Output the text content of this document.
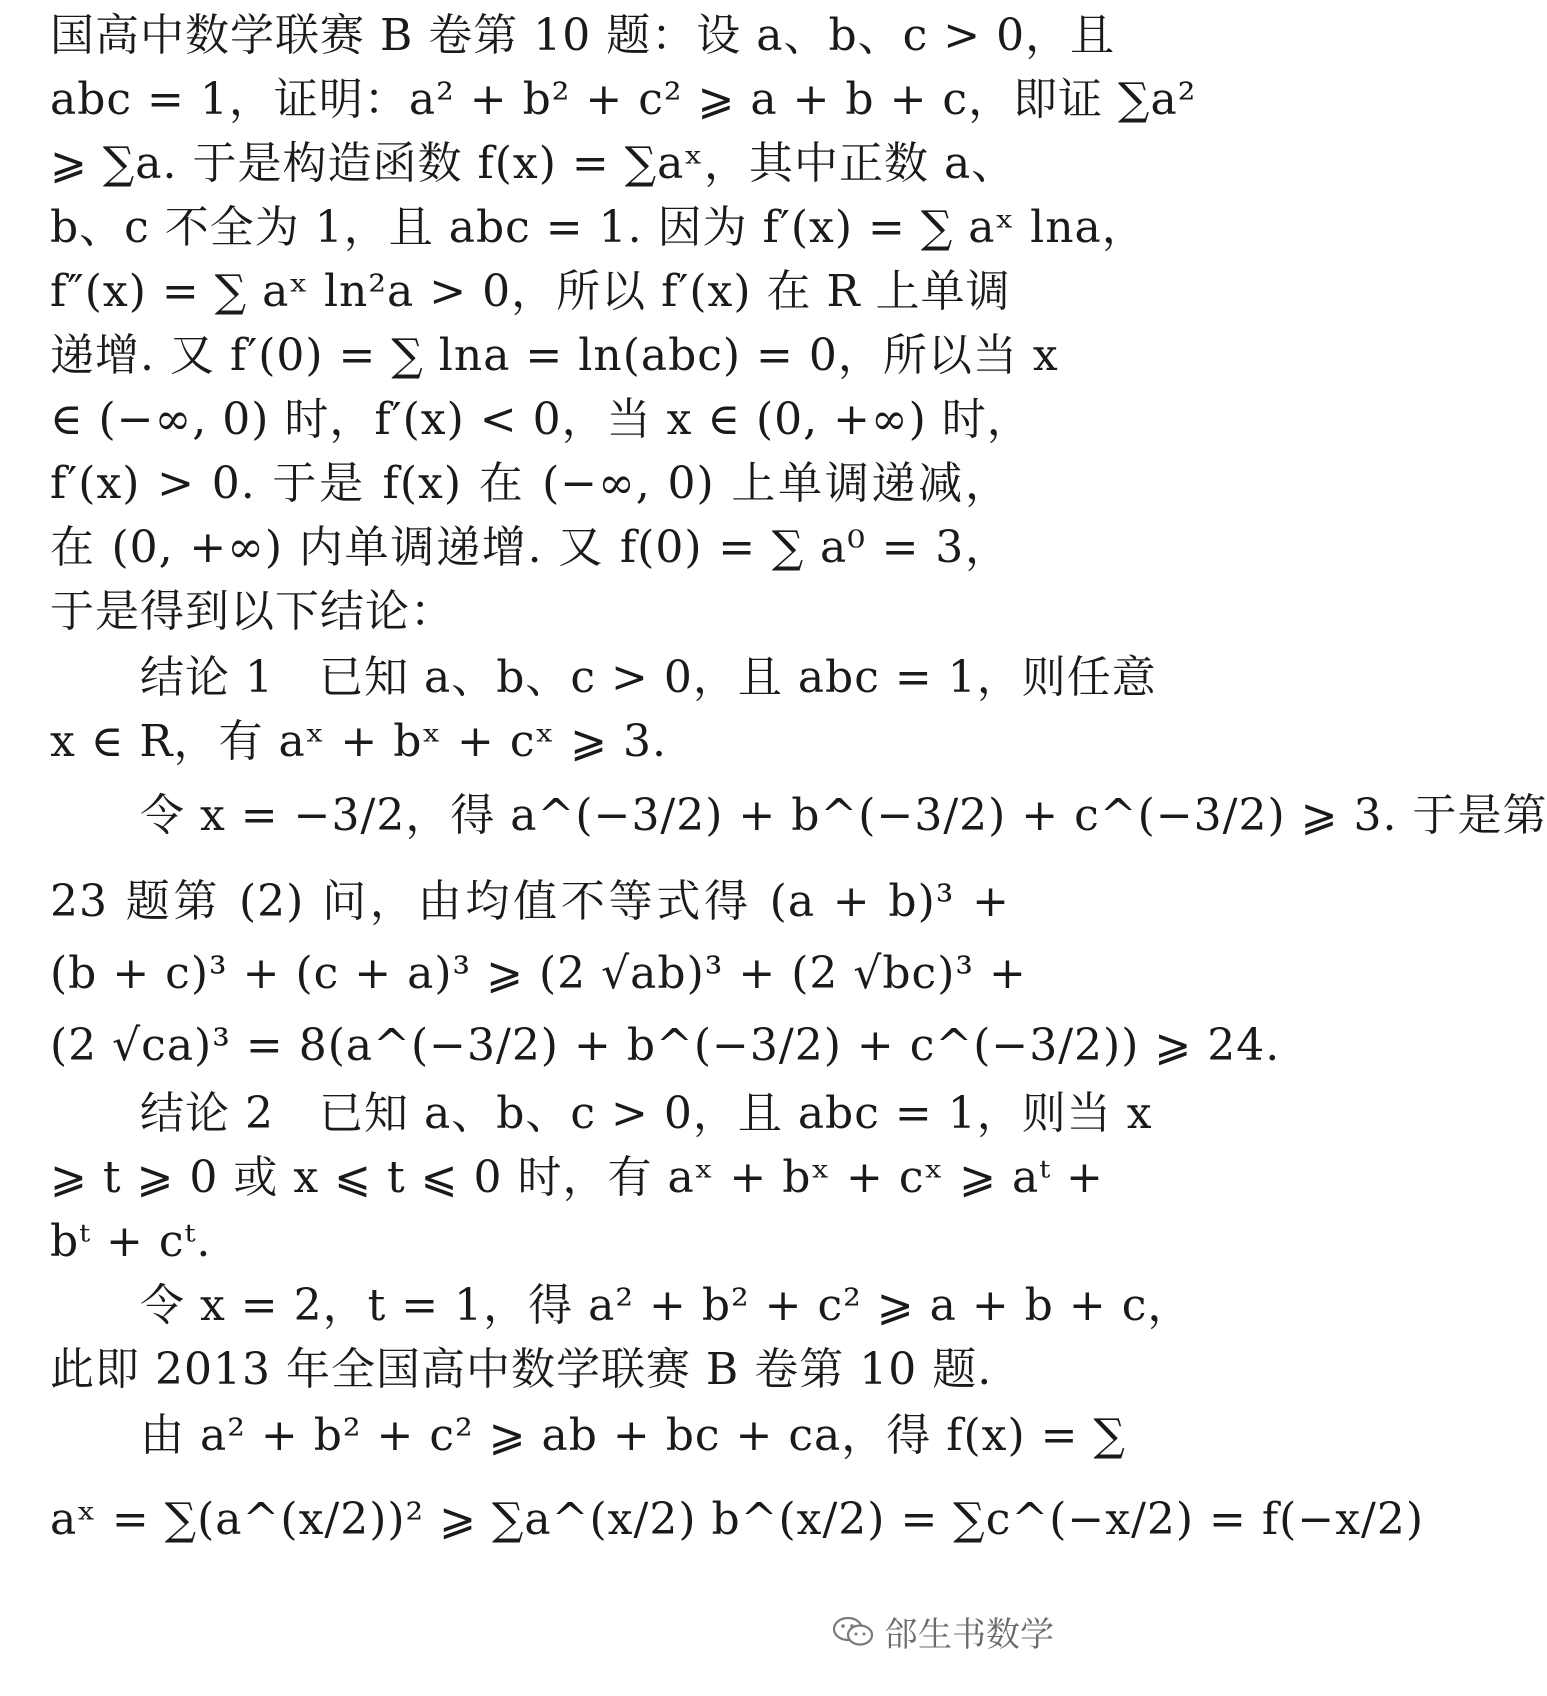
国高中数学联赛 B 卷第 10 题：设 a、b、c > 0，且
abc = 1，证明：a² + b² + c² ⩾ a + b + c，即证 ∑a²
⩾ ∑a. 于是构造函数 f(x) = ∑aˣ，其中正数 a、
b、c 不全为 1，且 abc = 1. 因为 f′(x) = ∑ aˣ lna，
f″(x) = ∑ aˣ ln²a > 0，所以 f′(x) 在 R 上单调
递增. 又 f′(0) = ∑ lna = ln(abc) = 0，所以当 x
∈ (−∞, 0) 时，f′(x) < 0，当 x ∈ (0, +∞) 时，
f′(x) > 0. 于是 f(x) 在 (−∞, 0) 上单调递减，
在 (0, +∞) 内单调递增. 又 f(0) = ∑ a⁰ = 3，
于是得到以下结论：
结论 1　已知 a、b、c > 0，且 abc = 1，则任意
x ∈ R，有 aˣ + bˣ + cˣ ⩾ 3.
令 x = −3/2，得 a^(−3/2) + b^(−3/2) + c^(−3/2) ⩾ 3. 于是第
23 题第 (2) 问，由均值不等式得 (a + b)³ +
(b + c)³ + (c + a)³ ⩾ (2 √ab)³ + (2 √bc)³ +
(2 √ca)³ = 8(a^(−3/2) + b^(−3/2) + c^(−3/2)) ⩾ 24.
结论 2　已知 a、b、c > 0，且 abc = 1，则当 x
⩾ t ⩾ 0 或 x ⩽ t ⩽ 0 时，有 aˣ + bˣ + cˣ ⩾ aᵗ +
bᵗ + cᵗ.
令 x = 2，t = 1，得 a² + b² + c² ⩾ a + b + c，
此即 2013 年全国高中数学联赛 B 卷第 10 题.
由 a² + b² + c² ⩾ ab + bc + ca，得 f(x) = ∑
aˣ = ∑(a^(x/2))² ⩾ ∑a^(x/2) b^(x/2) = ∑c^(−x/2) = f(−x/2)
郃生书数学
